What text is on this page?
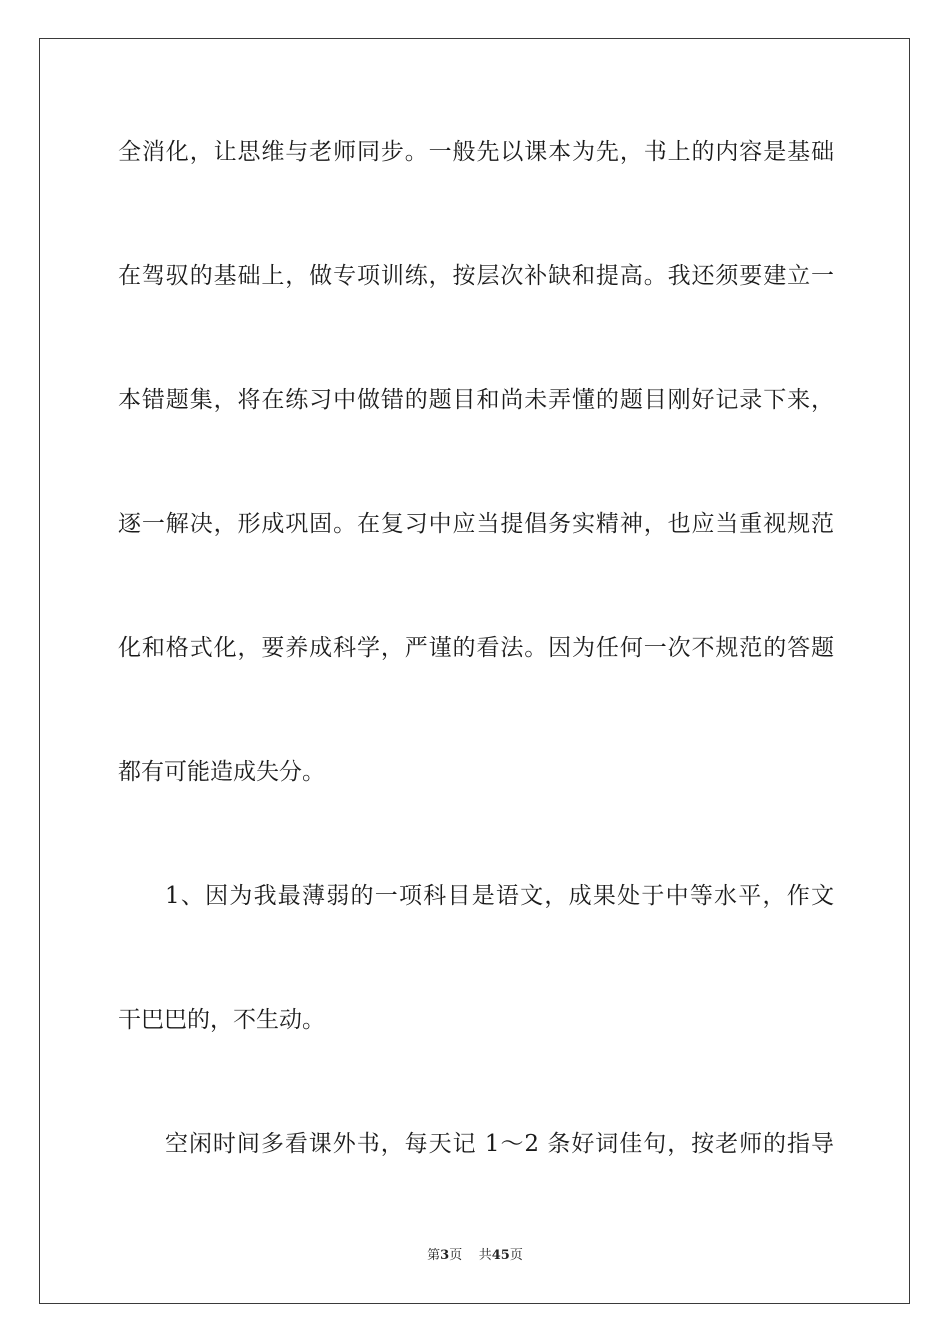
全消化，让思维与老师同步。一般先以课本为先，书上的内容是基础
在驾驭的基础上，做专项训练，按层次补缺和提高。我还须要建立一
本错题集，将在练习中做错的题目和尚未弄懂的题目刚好记录下来，
逐一解决，形成巩固。在复习中应当提倡务实精神，也应当重视规范
化和格式化，要养成科学，严谨的看法。因为任何一次不规范的答题
都有可能造成失分。
1、因为我最薄弱的一项科目是语文，成果处于中等水平，作文
干巴巴的，不生动。
空闲时间多看课外书，每天记 1～2 条好词佳句，按老师的指导
第3页 共45页
